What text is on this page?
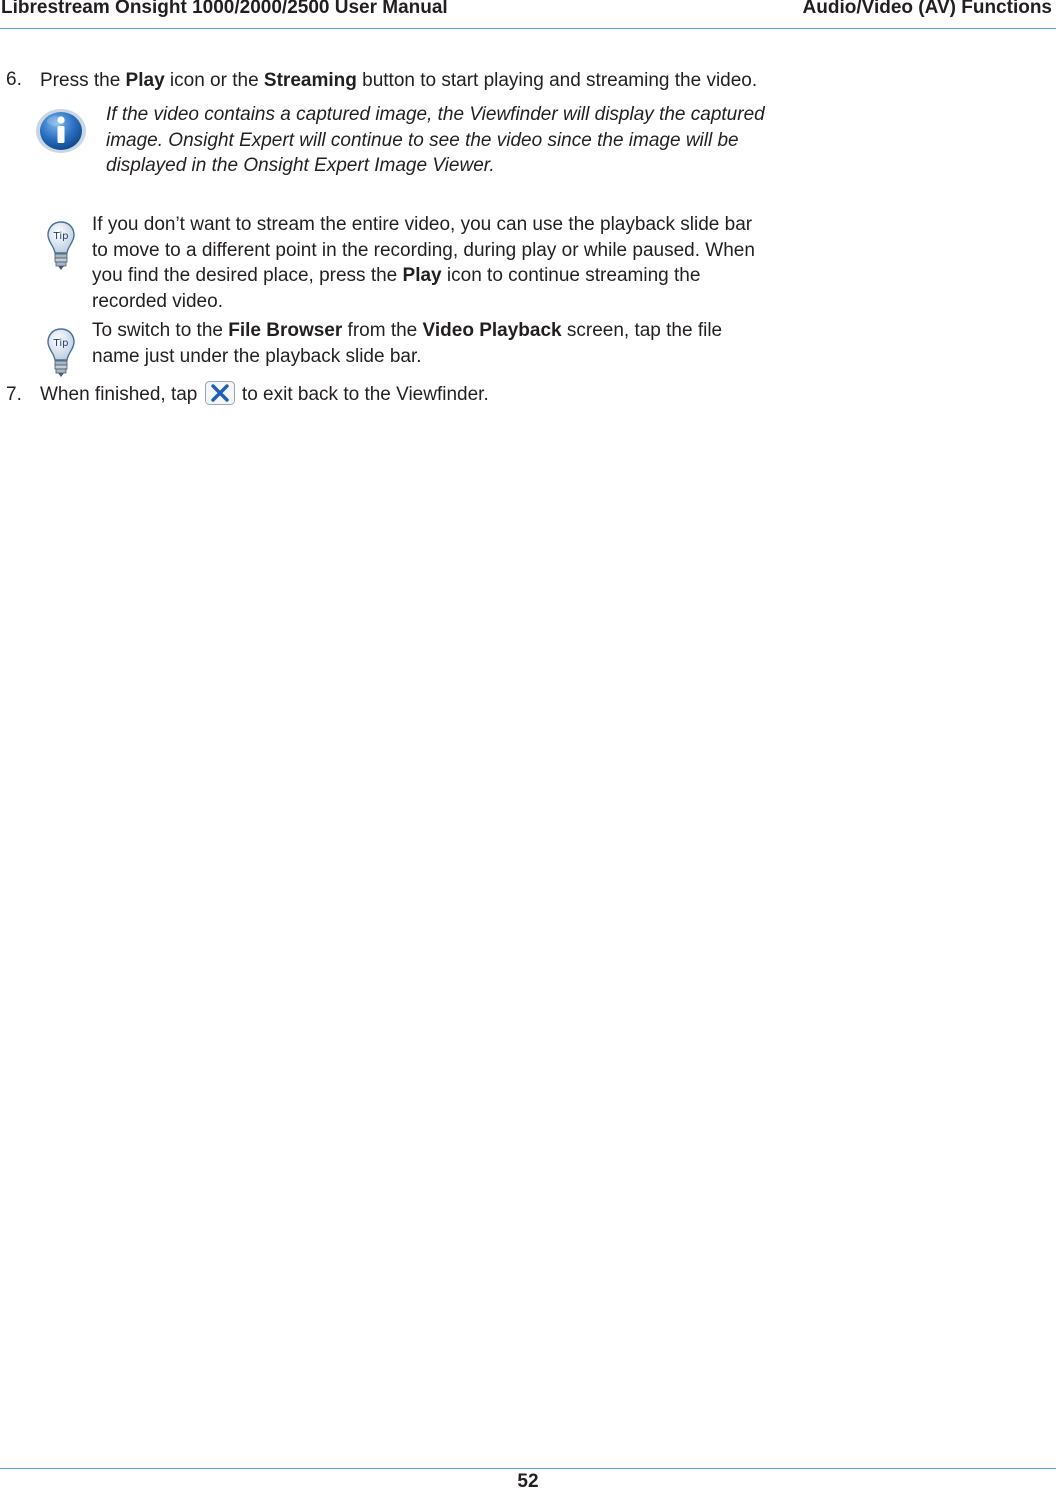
Librestream Onsight 1000/2000/2500 User Manual	Audio/Video (AV) Functions
6. Press the Play icon or the Streaming button to start playing and streaming the video.

If the video contains a captured image, the Viewfinder will display the captured
image. Onsight Expert will continue to see the video since the image will be
displayed in the Onsight Expert Image Viewer.
Tip
If you don’t want to stream the entire video, you can use the playback slide bar
to move to a different point in the recording, during play or while paused. When
you find the desired place, press the Play icon to continue streaming the
recorded video.
Tip
To switch to the File Browser from the Video Playback screen, tap the file
name just under the playback slide bar.
7. When finished, tap  to exit back to the Viewfinder.

52
